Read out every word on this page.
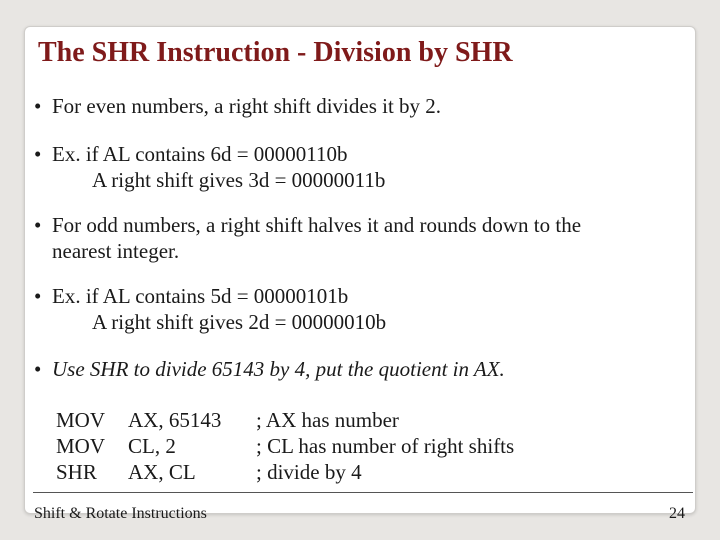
The SHR Instruction - Division by SHR
• For even numbers, a right shift divides it by 2.
• Ex. if AL contains 6d = 00000110b
A right shift gives 3d = 00000011b
• For odd numbers, a right shift halves it and rounds down to the
nearest integer.
• Ex. if AL contains 5d = 00000101b
A right shift gives 2d = 00000010b
• Use SHR to divide 65143 by 4, put the quotient in AX.
MOV	AX, 65143	; AX has number
MOV	CL, 2	; CL has number of right shifts
SHR	AX, CL	; divide by 4
Shift & Rotate Instructions	24
